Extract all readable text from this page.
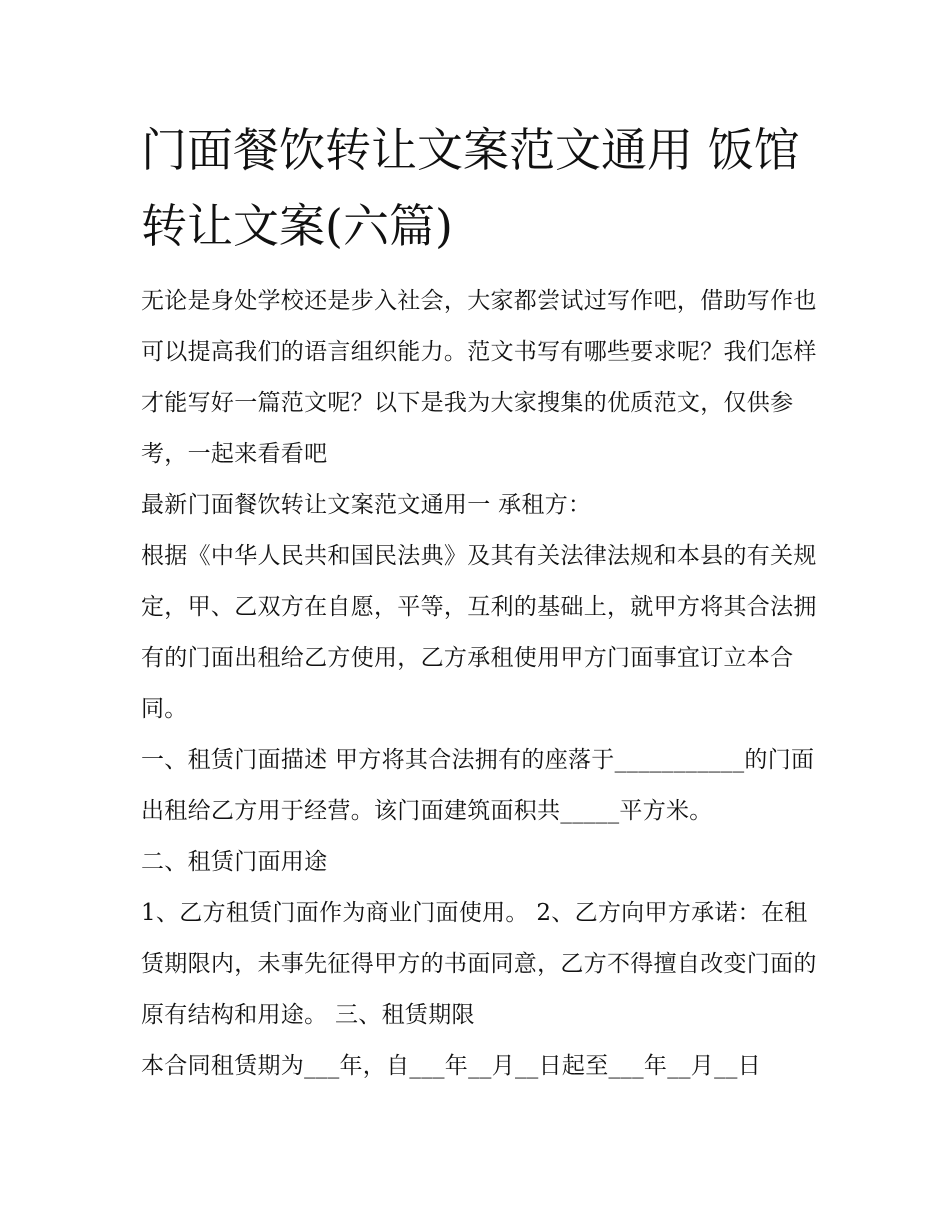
门面餐饮转让文案范文通用 饭馆转让文案(六篇)

无论是身处学校还是步入社会，大家都尝试过写作吧，借助写作也可以提高我们的语言组织能力。范文书写有哪些要求呢？我们怎样才能写好一篇范文呢？以下是我为大家搜集的优质范文，仅供参考，一起来看看吧

最新门面餐饮转让文案范文通用一 承租方：

根据《中华人民共和国民法典》及其有关法律法规和本县的有关规定，甲、乙双方在自愿，平等，互利的基础上，就甲方将其合法拥有的门面出租给乙方使用，乙方承租使用甲方门面事宜订立本合同。

一、租赁门面描述 甲方将其合法拥有的座落于___________的门面出租给乙方用于经营。该门面建筑面积共_____平方米。

二、租赁门面用途

1、乙方租赁门面作为商业门面使用。 2、乙方向甲方承诺：在租赁期限内，未事先征得甲方的书面同意，乙方不得擅自改变门面的原有结构和用途。 三、租赁期限

本合同租赁期为___年，自___年__月__日起至___年__月__日
